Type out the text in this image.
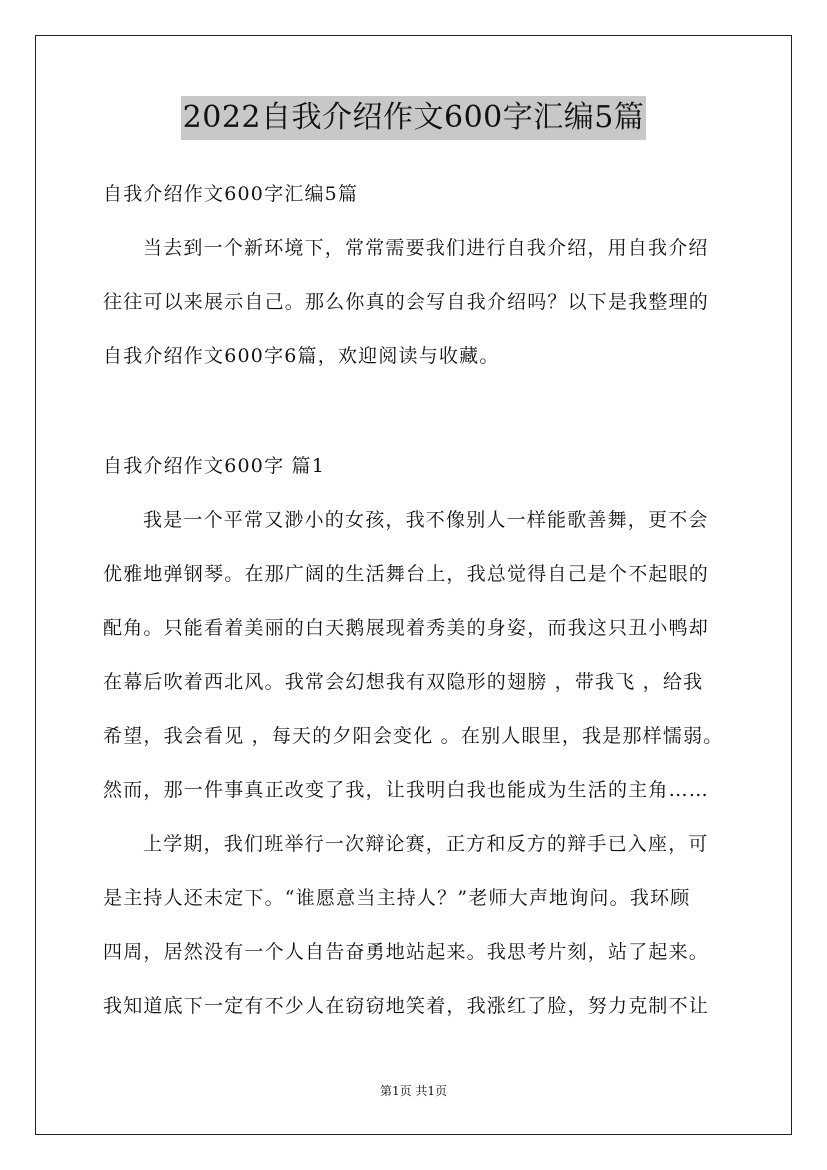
2022自我介绍作文600字汇编5篇
自我介绍作文600字汇编5篇
当去到一个新环境下，常常需要我们进行自我介绍，用自我介绍
往往可以来展示自己。那么你真的会写自我介绍吗？以下是我整理的
自我介绍作文600字6篇，欢迎阅读与收藏。
自我介绍作文600字 篇1
我是一个平常又渺小的女孩，我不像别人一样能歌善舞，更不会
优雅地弹钢琴。在那广阔的生活舞台上，我总觉得自己是个不起眼的
配角。只能看着美丽的白天鹅展现着秀美的身姿，而我这只丑小鸭却
在幕后吹着西北风。我常会幻想我有双隐形的翅膀 ，带我飞 ，给我
希望，我会看见 ，每天的夕阳会变化 。在别人眼里，我是那样懦弱。
然而，那一件事真正改变了我，让我明白我也能成为生活的主角……
上学期，我们班举行一次辩论赛，正方和反方的辩手已入座，可
是主持人还未定下。“谁愿意当主持人？”老师大声地询问。我环顾
四周，居然没有一个人自告奋勇地站起来。我思考片刻，站了起来。
我知道底下一定有不少人在窃窃地笑着，我涨红了脸，努力克制不让
第1页 共1页
